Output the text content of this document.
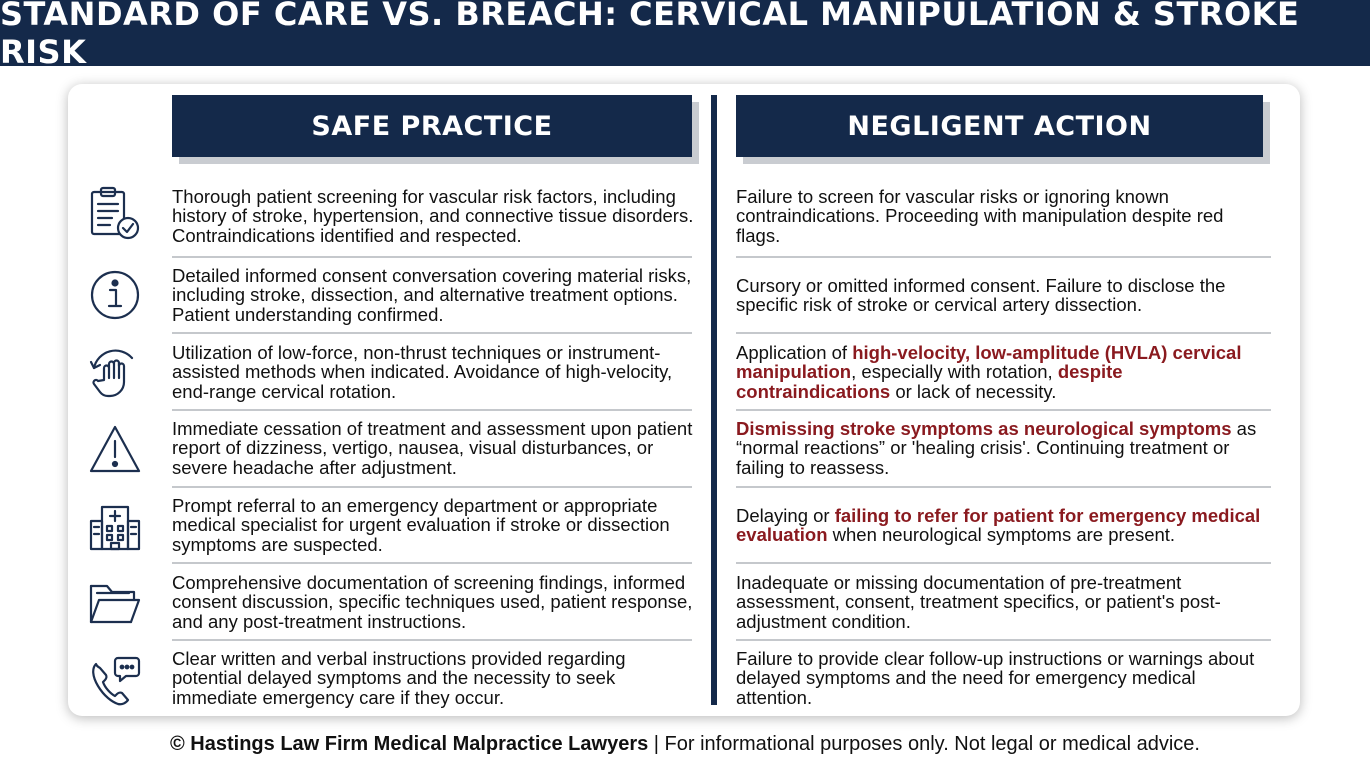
STANDARD OF CARE VS. BREACH: CERVICAL MANIPULATION & STROKE RISK
SAFE PRACTICE	NEGLIGENT ACTION

Thorough patient screening for vascular risk factors, including history of stroke, hypertension, and connective tissue disorders. Contraindications identified and respected.

Failure to screen for vascular risks or ignoring known contraindications. Proceeding with manipulation despite red flags.

Detailed informed consent conversation covering material risks, including stroke, dissection, and alternative treatment options. Patient understanding confirmed.

Cursory or omitted informed consent. Failure to disclose the specific risk of stroke or cervical artery dissection.

Utilization of low-force, non-thrust techniques or instrument-assisted methods when indicated. Avoidance of high-velocity, end-range cervical rotation.

Application of high-velocity, low-amplitude (HVLA) cervical manipulation, especially with rotation, despite contraindications or lack of necessity.

Immediate cessation of treatment and assessment upon patient report of dizziness, vertigo, nausea, visual disturbances, or severe headache after adjustment.

Dismissing stroke symptoms as neurological symptoms as “normal reactions” or 'healing crisis'. Continuing treatment or failing to reassess.

Prompt referral to an emergency department or appropriate medical specialist for urgent evaluation if stroke or dissection symptoms are suspected.

Delaying or failing to refer for patient for emergency medical evaluation when neurological symptoms are present.

Comprehensive documentation of screening findings, informed consent discussion, specific techniques used, patient response, and any post-treatment instructions.

Inadequate or missing documentation of pre-treatment assessment, consent, treatment specifics, or patient's post-adjustment condition.

Clear written and verbal instructions provided regarding potential delayed symptoms and the necessity to seek immediate emergency care if they occur.

Failure to provide clear follow-up instructions or warnings about delayed symptoms and the need for emergency medical attention.

© Hastings Law Firm Medical Malpractice Lawyers | For informational purposes only. Not legal or medical advice.
